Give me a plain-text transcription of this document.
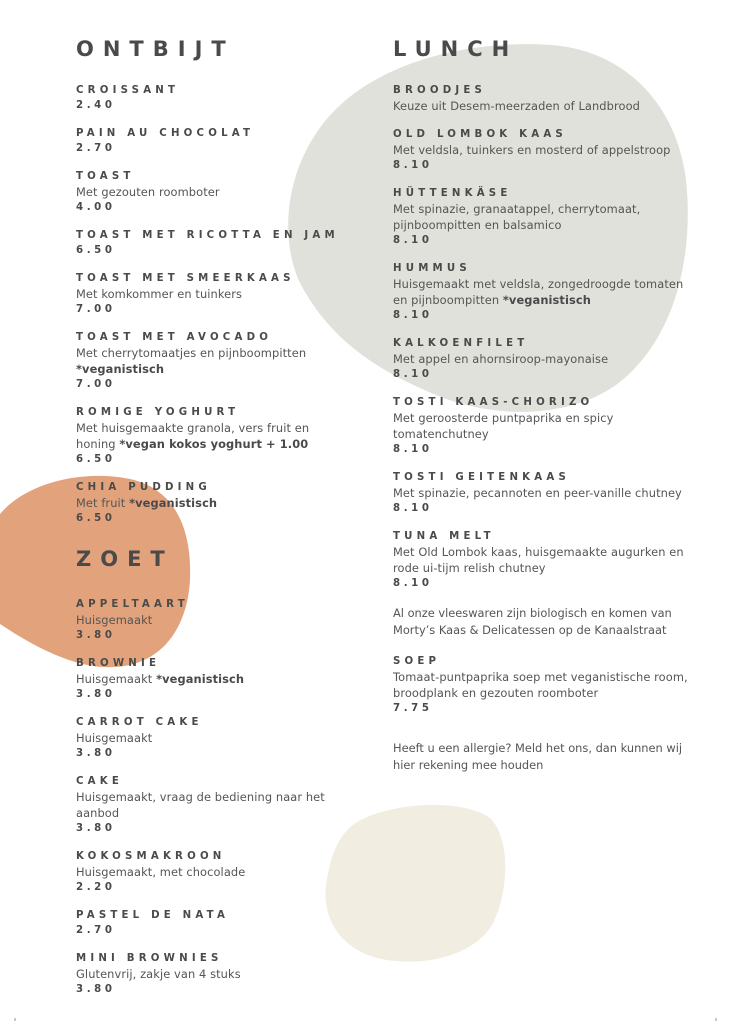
ONTBIJT
CROISSANT
2.40
PAIN AU CHOCOLAT
2.70
TOAST
Met gezouten roomboter
4.00
TOAST MET RICOTTA EN JAM
6.50
TOAST MET SMEERKAAS
Met komkommer en tuinkers
7.00
TOAST MET AVOCADO
Met cherrytomaatjes en pijnboompitten *veganistisch
7.00
ROMIGE YOGHURT
Met huisgemaakte granola, vers fruit en honing *vegan kokos yoghurt + 1.00
6.50
CHIA PUDDING
Met fruit *veganistisch
6.50
ZOET
APPELTAART
Huisgemaakt
3.80
BROWNIE
Huisgemaakt *veganistisch
3.80
CARROT CAKE
Huisgemaakt
3.80
CAKE
Huisgemaakt, vraag de bediening naar het aanbod
3.80
KOKOSMAKROON
Huisgemaakt, met chocolade
2.20
PASTEL DE NATA
2.70
MINI BROWNIES
Glutenvrij, zakje van 4 stuks
3.80
LUNCH
BROODJES
Keuze uit Desem-meerzaden of Landbrood
OLD LOMBOK KAAS
Met veldsla, tuinkers en mosterd of appelstroop
8.10
HÜTTENKÄSE
Met spinazie, granaatappel, cherrytomaat, pijnboompitten en balsamico
8.10
HUMMUS
Huisgemaakt met veldsla, zongedroogde tomaten en pijnboompitten *veganistisch
8.10
KALKOENFILET
Met appel en ahornsiroop-mayonaise
8.10
TOSTI KAAS-CHORIZO
Met geroosterde puntpaprika en spicy tomatenchutney
8.10
TOSTI GEITENKAAS
Met spinazie, pecannoten en peer-vanille chutney
8.10
TUNA MELT
Met Old Lombok kaas, huisgemaakte augurken en rode ui-tijm relish chutney
8.10

Al onze vleeswaren zijn biologisch en komen van Morty’s Kaas & Delicatessen op de Kanaalstraat

SOEP
Tomaat-puntpaprika soep met veganistische room, broodplank en gezouten roomboter
7.75

Heeft u een allergie? Meld het ons, dan kunnen wij hier rekening mee houden
